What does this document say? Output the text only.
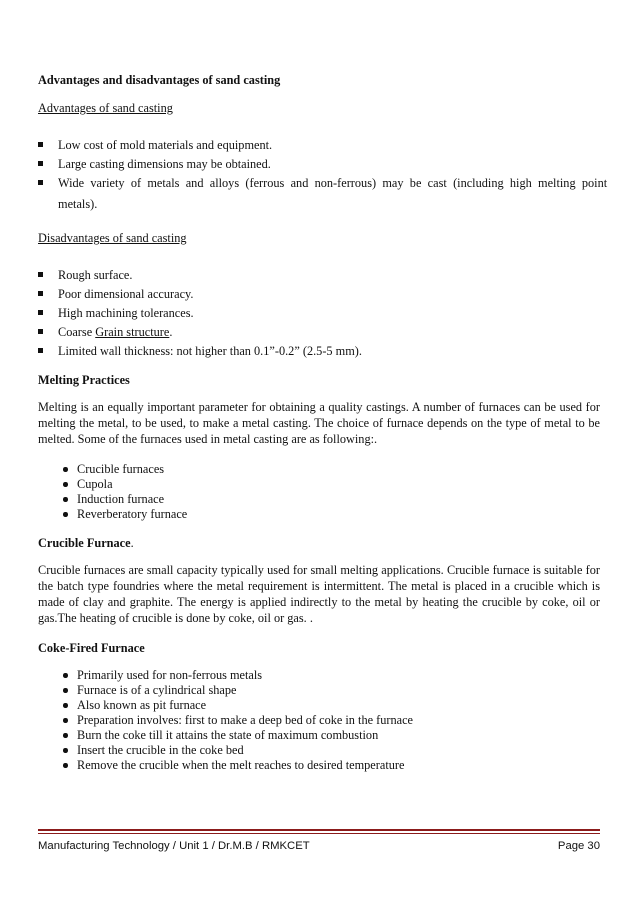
Advantages and disadvantages of sand casting
Advantages of sand casting
Low cost of mold materials and equipment.
Large casting dimensions may be obtained.
Wide variety of metals and alloys (ferrous and non-ferrous) may be cast (including high melting point
metals).
Disadvantages of sand casting
Rough surface.
Poor dimensional accuracy.
High machining tolerances.
Coarse Grain structure.
Limited wall thickness: not higher than 0.1”-0.2” (2.5-5 mm).
Melting Practices
Melting is an equally important parameter for obtaining a quality castings. A number of furnaces can be used for melting the metal, to be used, to make a metal casting. The choice of furnace depends on the type of metal to be melted. Some of the furnaces used in metal casting are as following:.
Crucible furnaces
Cupola
Induction furnace
Reverberatory furnace
Crucible Furnace.
Crucible furnaces are small capacity typically used for small melting applications. Crucible furnace is suitable for the batch type foundries where the metal requirement is intermittent. The metal is placed in a crucible which is made of clay and graphite. The energy is applied indirectly to the metal by heating the crucible by coke, oil or gas.The heating of crucible is done by coke, oil or gas. .
Coke-Fired Furnace
Primarily used for non-ferrous metals
Furnace is of a cylindrical shape
Also known as pit furnace
Preparation involves: first to make a deep bed of coke in the furnace
Burn the coke till it attains the state of maximum combustion
Insert the crucible in the coke bed
Remove the crucible when the melt reaches to desired temperature
Manufacturing Technology / Unit 1 / Dr.M.B / RMKCET	Page 30
